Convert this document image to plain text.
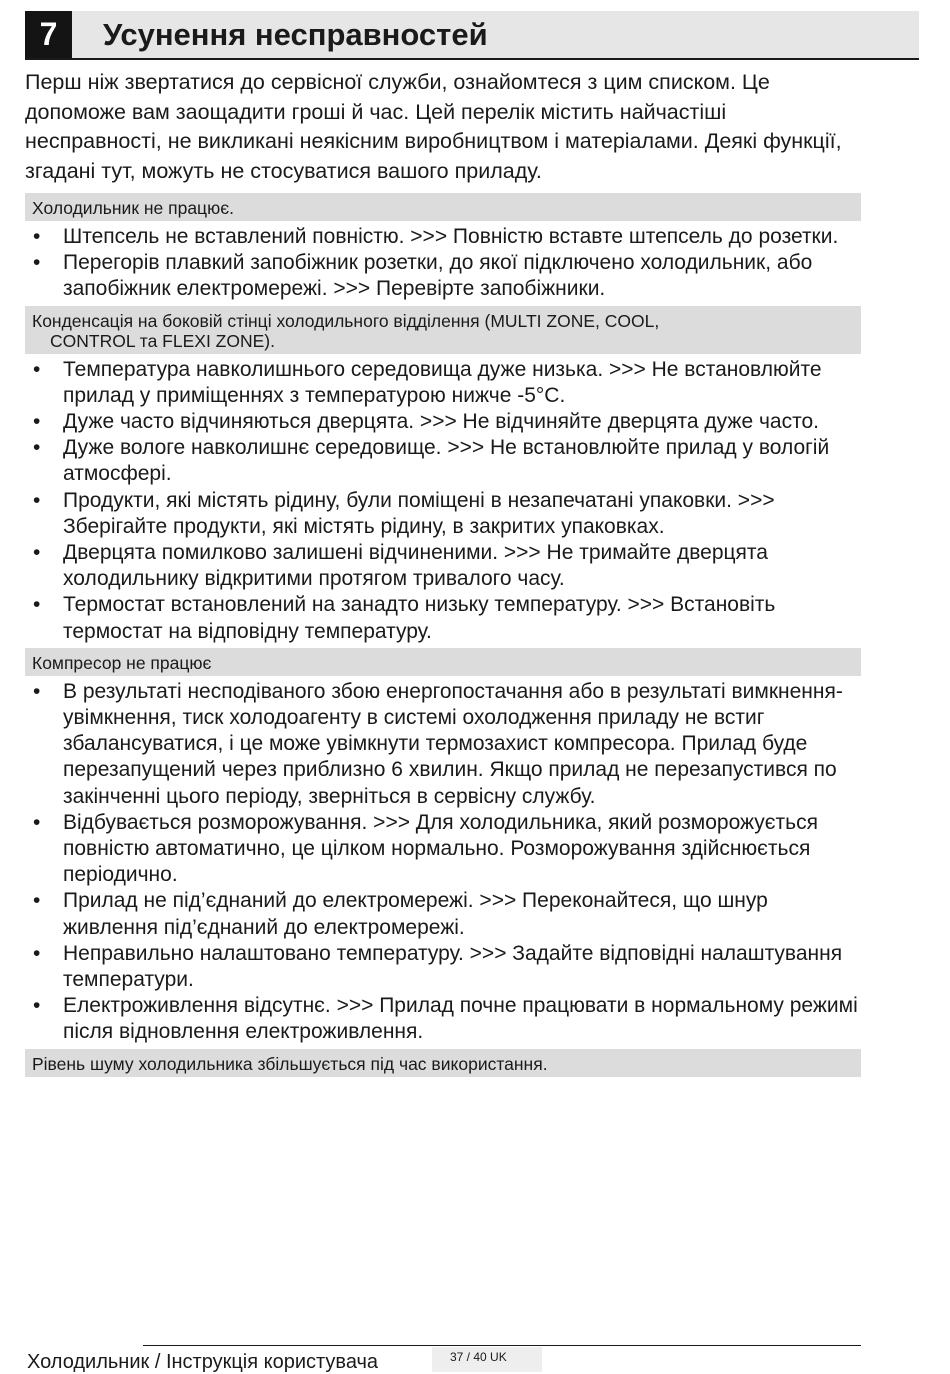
7	Усунення несправностей

Перш ніж звертатися до сервісної служби, ознайомтеся з цим списком. Це допоможе вам заощадити гроші й час. Цей перелік містить найчастіші несправності, не викликані неякісним виробництвом і матеріалами. Деякі функції, згадані тут, можуть не стосуватися вашого приладу.

Холодильник не працює.
• Штепсель не вставлений повністю. >>> Повністю вставте штепсель до розетки.
• Перегорів плавкий запобіжник розетки, до якої підключено холодильник, або запобіжник електромережі. >>> Перевірте запобіжники.
Конденсація на боковій стінці холодильного відділення (MULTI ZONE, COOL,
CONTROL та FLEXI ZONE).
• Температура навколишнього середовища дуже низька. >>> Не встановлюйте прилад у приміщеннях з температурою нижче -5°C.
• Дуже часто відчиняються дверцята. >>> Не відчиняйте дверцята дуже часто.
• Дуже вологе навколишнє середовище. >>> Не встановлюйте прилад у вологій атмосфері.
• Продукти, які містять рідину, були поміщені в незапечатані упаковки. >>> Зберігайте продукти, які містять рідину, в закритих упаковках.
• Дверцята помилково залишені відчиненими. >>> Не тримайте дверцята холодильнику відкритими протягом тривалого часу.
• Термостат встановлений на занадто низьку температуру. >>> Встановіть термостат на відповідну температуру.
Компресор не працює
• В результаті несподіваного збою енергопостачання або в результаті вимкнення-увімкнення, тиск холодоагенту в системі охолодження приладу не встиг збалансуватися, і це може увімкнути термозахист компресора. Прилад буде перезапущений через приблизно 6 хвилин. Якщо прилад не перезапустився по закінченні цього періоду, зверніться в сервісну службу.
• Відбувається розморожування. >>> Для холодильника, який розморожується повністю автоматично, це цілком нормально. Розморожування здійснюється періодично.
• Прилад не під’єднаний до електромережі. >>> Переконайтеся, що шнур живлення під’єднаний до електромережі.
• Неправильно налаштовано температуру. >>> Задайте відповідні налаштування температури.
• Електроживлення відсутнє. >>> Прилад почне працювати в нормальному режимі після відновлення електроживлення.
Рівень шуму холодильника збільшується під час використання.
Холодильник / Інструкція користувача	37 / 40 UK
